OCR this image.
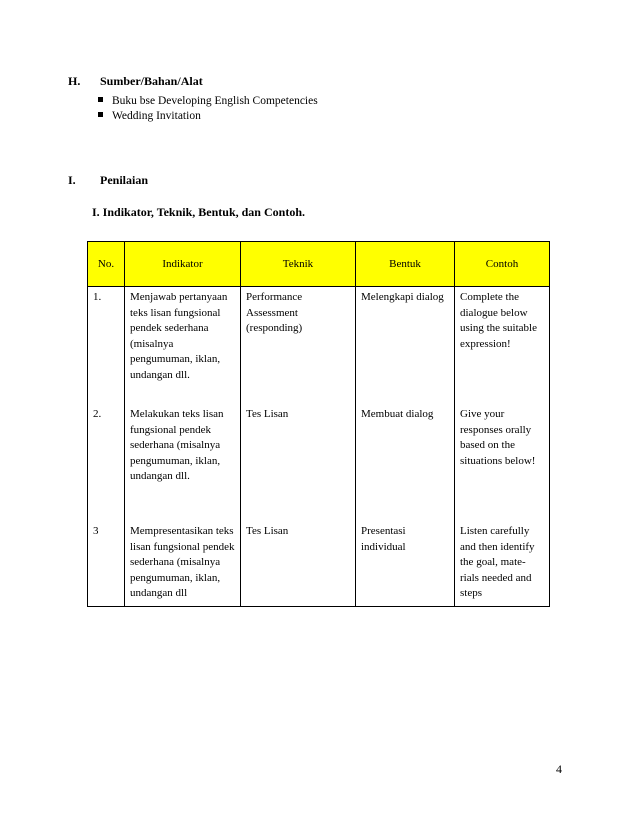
H. Sumber/Bahan/Alat
Buku bse Developing English Competencies
Wedding Invitation
I. Penilaian
I. Indikator, Teknik, Bentuk, dan Contoh.
No.	Indikator	Teknik	Bentuk	Contoh
1.	Menjawab pertanyaan teks lisan fungsional pendek sederhana (misalnya pengumuman, iklan, undangan dll.	Performance Assessment (responding)	Melengkapi dialog	Complete the dialogue below using the suitable expression!
2.	Melakukan teks lisan fungsional pendek sederhana (misalnya pengumuman, iklan, undangan dll.	Tes Lisan	Membuat dialog	Give your responses orally based on the situations below!
3	Mempresentasikan teks lisan fungsional pendek sederhana (misalnya pengumuman, iklan, undangan dll	Tes Lisan	Presentasi individual	Listen carefully and then identify the goal, mate-rials needed and steps
4
